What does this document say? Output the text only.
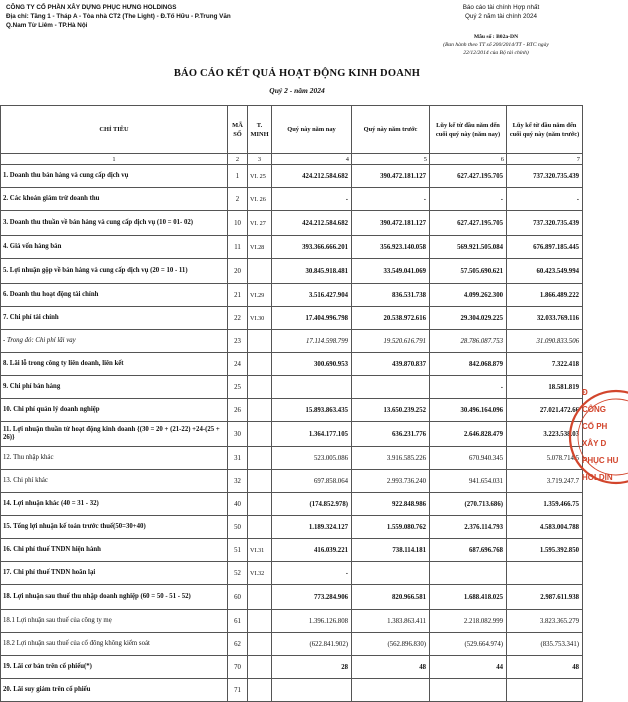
CÔNG TY CỔ PHẦN XÂY DỰNG PHỤC HƯNG HOLDINGS
Địa chỉ: Tầng 1 - Tháp A - Tòa nhà CT2 (The Light) - Đ.Tố Hữu - P.Trung Văn
Q.Nam Từ Liêm - TP.Hà Nội
Báo cáo tài chính Hợp nhất
Quý 2 năm tài chính 2024
Mẫu số : B02a-DN
(Ban hành theo TT số 200/2014/TT - BTC ngày
22/12/2014 của Bộ tài chính)
BÁO CÁO KẾT QUẢ HOẠT ĐỘNG KINH DOANH
Quý 2 - năm 2024
CHỈ TIÊU	MÃ SỐ	T. MINH	Quý này năm nay	Quý này năm trước	Lũy kế từ đầu năm đến cuối quý này (năm nay)	Lũy kế từ đầu năm đến cuối quý này (năm trước)
1	2	3	4	5	6	7
1. Doanh thu bán hàng và cung cấp dịch vụ	1	VI. 25	424.212.584.682	390.472.181.127	627.427.195.705	737.320.735.439
2. Các khoản giảm trừ doanh thu	2	VI. 26	-	-	-	-
3. Doanh thu thuần về bán hàng và cung cấp dịch vụ (10 = 01- 02)	10	VI. 27	424.212.584.682	390.472.181.127	627.427.195.705	737.320.735.439
4. Giá vốn hàng bán	11	VI.28	393.366.666.201	356.923.140.058	569.921.505.084	676.897.185.445
5. Lợi nhuận gộp về bán hàng và cung cấp dịch vụ (20 = 10 - 11)	20		30.845.918.481	33.549.041.069	57.505.690.621	60.423.549.994
6. Doanh thu hoạt động tài chính	21	VI.29	3.516.427.904	836.531.738	4.099.262.300	1.866.489.222
7. Chi phí tài chính	22	VI.30	17.404.996.798	20.538.972.616	29.304.029.225	32.033.769.116
- Trong đó: Chi phí lãi vay	23		17.114.598.799	19.520.616.791	28.786.087.753	31.090.833.506
8. Lãi lỗ trong công ty liên doanh, liên kết	24		300.690.953	439.870.837	842.068.879	7.322.418
9. Chi phí bán hàng	25				-	18.581.819
10. Chi phí quản lý doanh nghiệp	26		15.893.863.435	13.650.239.252	30.496.164.096	27.021.472.66
11. Lợi nhuận thuần từ hoạt động kinh doanh {(30 = 20 + (21-22) +24-(25 + 26)}	30		1.364.177.105	636.231.776	2.646.828.479	3.223.538.03
12. Thu nhập khác	31		523.005.086	3.916.585.226	670.940.345	5.078.714.5
13. Chi phí khác	32		697.858.064	2.993.736.240	941.654.031	3.719.247.7
14. Lợi nhuận khác (40 = 31 - 32)	40		(174.852.978)	922.848.986	(270.713.686)	1.359.466.75
15. Tổng lợi nhuận kế toán trước thuế(50=30+40)	50		1.189.324.127	1.559.080.762	2.376.114.793	4.583.004.788
16. Chi phí thuế TNDN hiện hành	51	VI.31	416.039.221	738.114.181	687.696.768	1.595.392.850
17. Chi phí thuế TNDN hoãn lại	52	VI.32	-			
18. Lợi nhuận sau thuế thu nhập doanh nghiệp (60 = 50 - 51 - 52)	60		773.284.906	820.966.581	1.688.418.025	2.987.611.938
18.1 Lợi nhuận sau thuế của công ty mẹ	61		1.396.126.808	1.383.863.411	2.218.082.999	3.823.365.279
18.2 Lợi nhuận sau thuế của cổ đông không kiểm soát	62		(622.841.902)	(562.896.830)	(529.664.974)	(835.753.341)
19. Lãi cơ bản trên cổ phiếu(*)	70		28	48	44	48
20. Lãi suy giảm trên cổ phiếu	71					
Đ
CÔNG
CỔ PH
XÂY D
PHỤC HU
HOLDIN
